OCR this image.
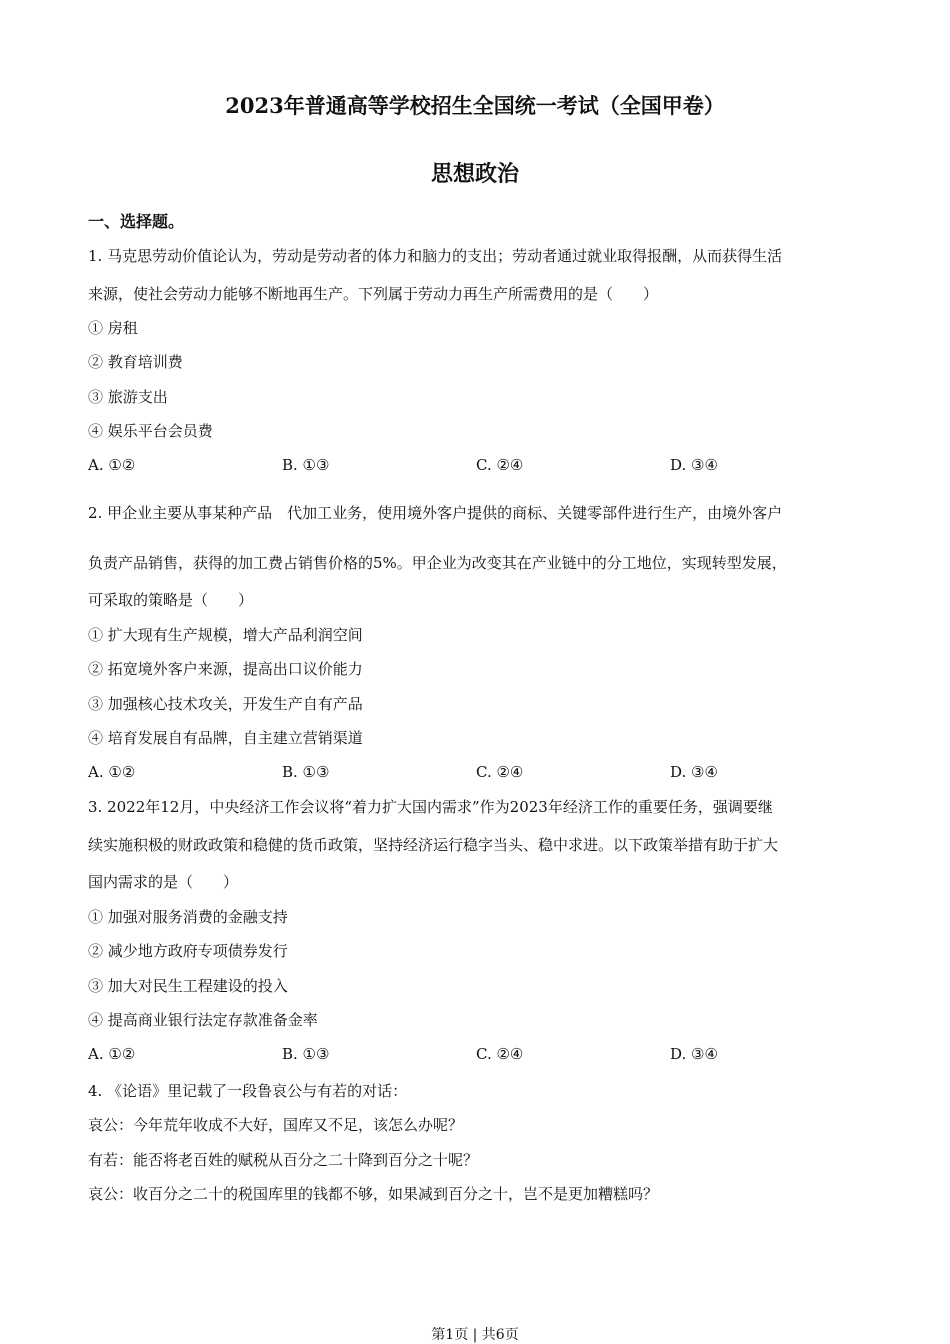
2023年普通高等学校招生全国统一考试（全国甲卷）
思想政治
一、选择题。
1. 马克思劳动价值论认为，劳动是劳动者的体力和脑力的支出；劳动者通过就业取得报酬，从而获得生活
来源，使社会劳动力能够不断地再生产。下列属于劳动力再生产所需费用的是（　　）
① 房租
② 教育培训费
③ 旅游支出
④ 娱乐平台会员费
A. ①②	B. ①③	C. ②④	D. ③④
2. 甲企业主要从事某种产品　代加工业务，使用境外客户提供的商标、关键零部件进行生产，由境外客户
负责产品销售，获得的加工费占销售价格的5%。甲企业为改变其在产业链中的分工地位，实现转型发展，
可采取的策略是（　　）
① 扩大现有生产规模，增大产品利润空间
② 拓宽境外客户来源，提高出口议价能力
③ 加强核心技术攻关，开发生产自有产品
④ 培育发展自有品牌，自主建立营销渠道
A. ①②	B. ①③	C. ②④	D. ③④
3. 2022年12月，中央经济工作会议将“着力扩大国内需求”作为2023年经济工作的重要任务，强调要继
续实施积极的财政政策和稳健的货币政策，坚持经济运行稳字当头、稳中求进。以下政策举措有助于扩大
国内需求的是（　　）
① 加强对服务消费的金融支持
② 减少地方政府专项债券发行
③ 加大对民生工程建设的投入
④ 提高商业银行法定存款准备金率
A. ①②	B. ①③	C. ②④	D. ③④
4. 《论语》里记载了一段鲁哀公与有若的对话：
哀公：今年荒年收成不大好，国库又不足，该怎么办呢？
有若：能否将老百姓的赋税从百分之二十降到百分之十呢？
哀公：收百分之二十的税国库里的钱都不够，如果减到百分之十，岂不是更加糟糕吗？
第1页 | 共6页
